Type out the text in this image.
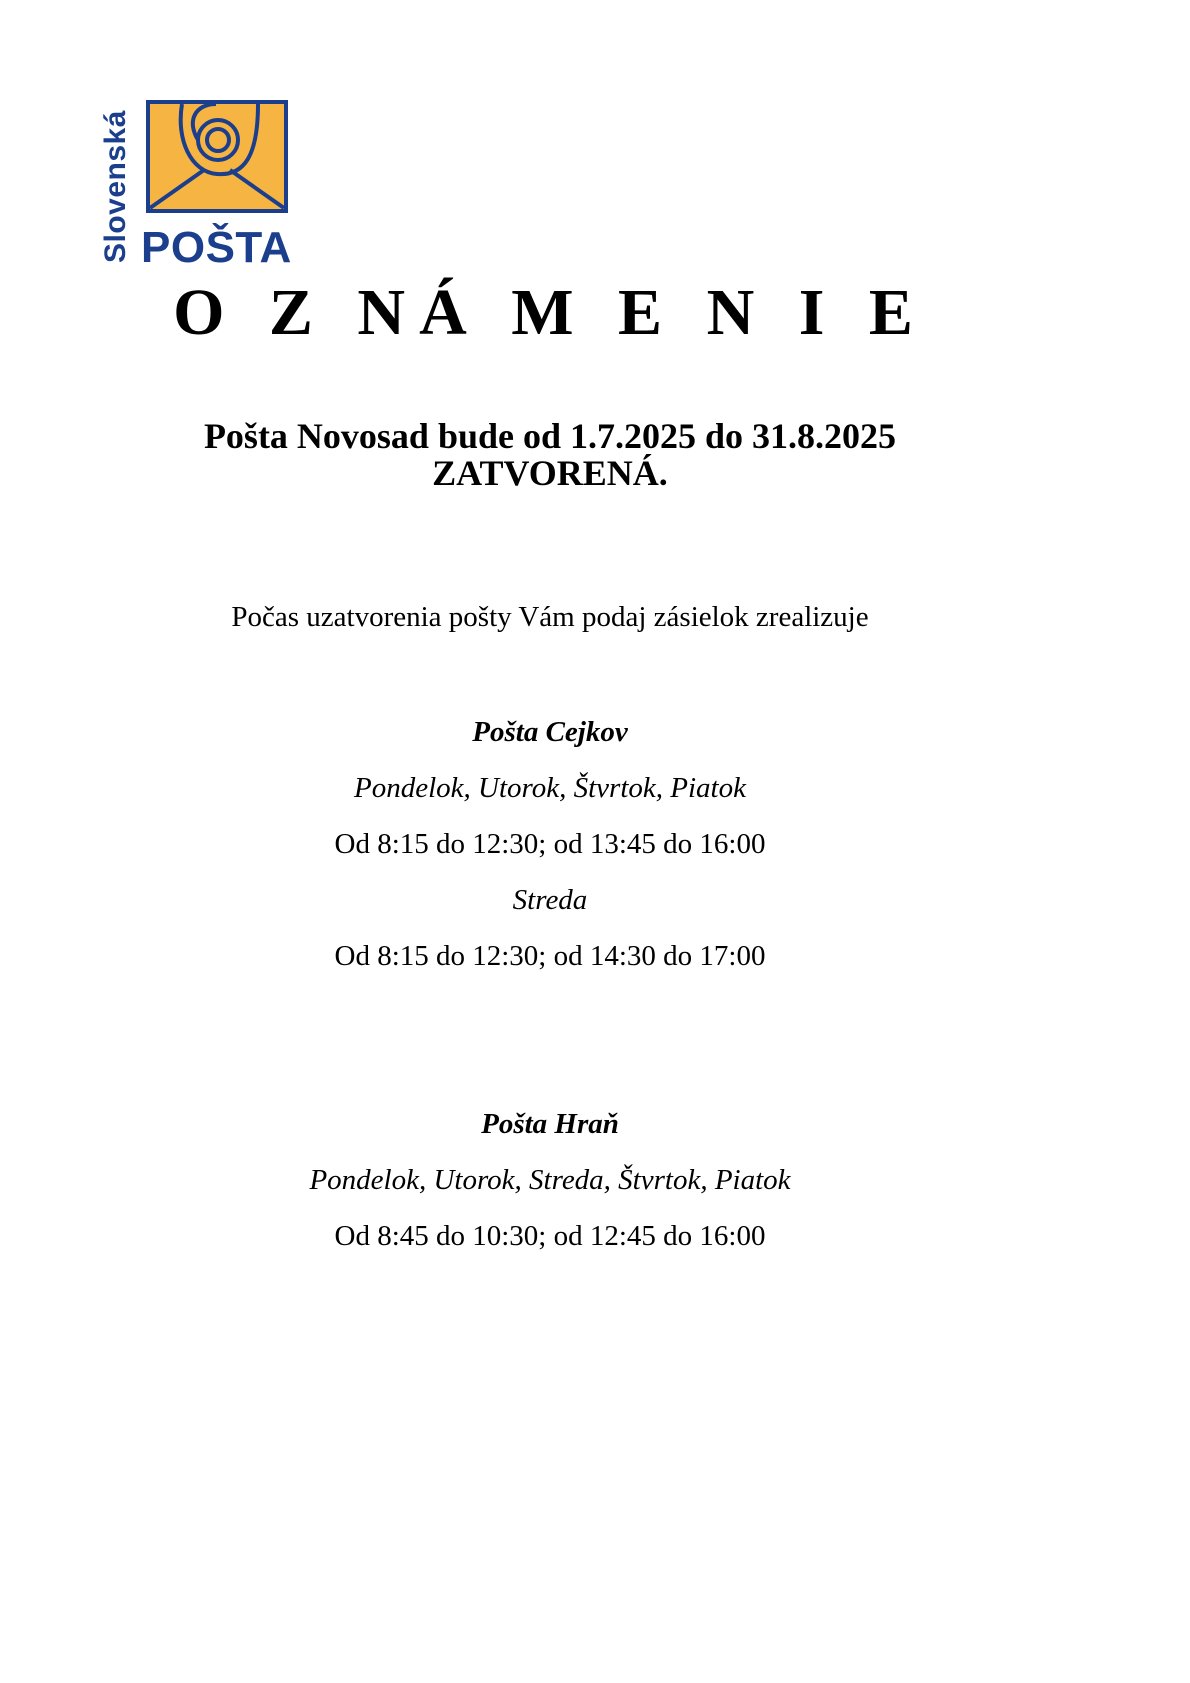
Slovenská POŠTA
O Z NÁ M E N I E
Pošta Novosad bude od 1.7.2025 do 31.8.2025
ZATVORENÁ.
Počas uzatvorenia pošty Vám podaj zásielok zrealizuje
Pošta Cejkov
Pondelok, Utorok, Štvrtok, Piatok
Od 8:15 do 12:30; od 13:45 do 16:00
Streda
Od 8:15 do 12:30; od 14:30 do 17:00
Pošta Hraň
Pondelok, Utorok, Streda, Štvrtok, Piatok
Od 8:45 do 10:30; od 12:45 do 16:00
